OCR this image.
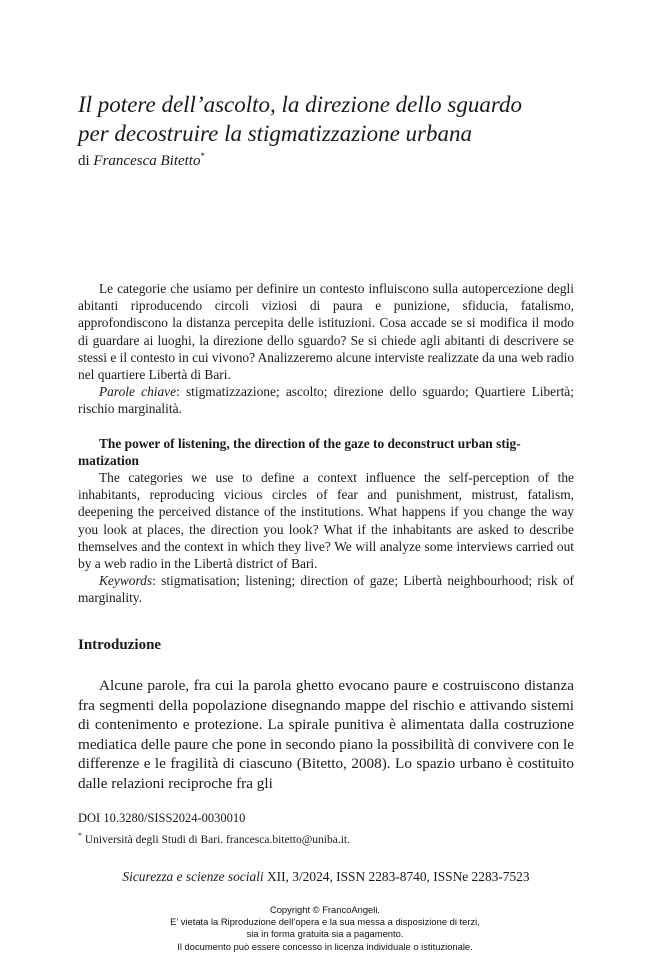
Il potere dell’ascolto, la direzione dello sguardo
per decostruire la stigmatizzazione urbana
di Francesca Bitetto*

Le categorie che usiamo per definire un contesto influiscono sulla autopercezione degli abitanti riproducendo circoli viziosi di paura e punizione, sfiducia, fatalismo, approfondiscono la distanza percepita delle istituzioni. Cosa accade se si modifica il modo di guardare ai luoghi, la direzione dello sguardo? Se si chiede agli abitanti di descrivere se stessi e il contesto in cui vivono? Analizzeremo alcune interviste realizzate da una web radio nel quartiere Libertà di Bari.

Parole chiave: stigmatizzazione; ascolto; direzione dello sguardo; Quartiere Libertà; rischio marginalità.

The power of listening, the direction of the gaze to deconstruct urban stig-
matization

The categories we use to define a context influence the self-perception of the inhabitants, reproducing vicious circles of fear and punishment, mistrust, fatalism, deepening the perceived distance of the institutions. What happens if you change the way you look at places, the direction you look? What if the inhabitants are asked to describe themselves and the context in which they live? We will analyze some interviews carried out by a web radio in the Libertà district of Bari.

Keywords: stigmatisation; listening; direction of gaze; Libertà neighbourhood; risk of marginality.

Introduzione

Alcune parole, fra cui la parola ghetto evocano paure e costruiscono distanza fra segmenti della popolazione disegnando mappe del rischio e attivando sistemi di contenimento e protezione. La spirale punitiva è alimentata dalla costruzione mediatica delle paure che pone in secondo piano la possibilità di convivere con le differenze e le fragilità di ciascuno (Bitetto, 2008). Lo spazio urbano è costituito dalle relazioni reciproche fra gli

DOI 10.3280/SISS2024-0030010
* Università degli Studi di Bari. francesca.bitetto@uniba.it.
Sicurezza e scienze sociali XII, 3/2024, ISSN 2283-8740, ISSNe 2283-7523
Copyright © FrancoAngeli.
E’ vietata la Riproduzione dell’opera e la sua messa a disposizione di terzi,
sia in forma gratuita sia a pagamento.
Il documento può essere concesso in licenza individuale o istituzionale.
